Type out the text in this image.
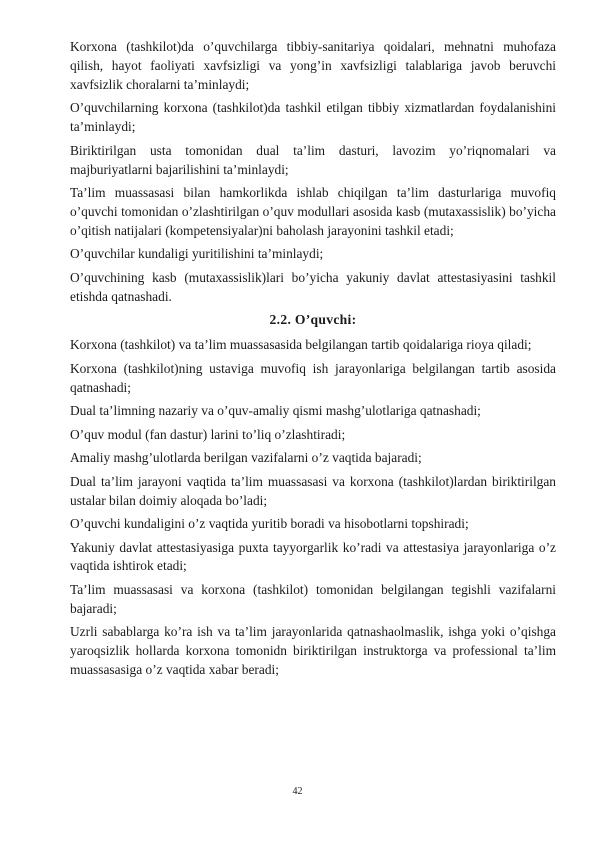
Korxona (tashkilot)da o’quvchilarga tibbiy-sanitariya qoidalari, mehnatni muhofaza qilish, hayot faoliyati xavfsizligi va yong’in xavfsizligi talablariga javob beruvchi xavfsizlik choralarni ta’minlaydi;

O’quvchilarning korxona (tashkilot)da tashkil etilgan tibbiy xizmatlardan foydalanishini ta’minlaydi;

Biriktirilgan usta tomonidan dual ta’lim dasturi, lavozim yo’riqnomalari va majburiyatlarni bajarilishini ta’minlaydi;

Ta’lim muassasasi bilan hamkorlikda ishlab chiqilgan ta’lim dasturlariga muvofiq o’quvchi tomonidan o’zlashtirilgan o’quv modullari asosida kasb (mutaxassislik) bo’yicha o’qitish natijalari (kompetensiyalar)ni baholash jarayonini tashkil etadi;

O’quvchilar kundaligi yuritilishini ta’minlaydi;

O’quvchining kasb (mutaxassislik)lari bo’yicha yakuniy davlat attestasiyasini tashkil etishda qatnashadi.

2.2. O’quvchi:

Korxona (tashkilot) va ta’lim muassasasida belgilangan tartib qoidalariga rioya qiladi;

Korxona (tashkilot)ning ustaviga muvofiq ish jarayonlariga belgilangan tartib asosida qatnashadi;

Dual ta’limning nazariy va o’quv-amaliy qismi mashg’ulotlariga qatnashadi;

O’quv modul (fan dastur) larini to’liq o’zlashtiradi;

Amaliy mashg’ulotlarda berilgan vazifalarni o’z vaqtida bajaradi;

Dual ta’lim jarayoni vaqtida ta’lim muassasasi va korxona (tashkilot)lardan biriktirilgan ustalar bilan doimiy aloqada bo’ladi;

O’quvchi kundaligini o’z vaqtida yuritib boradi va hisobotlarni topshiradi;

Yakuniy davlat attestasiyasiga puxta tayyorgarlik ko’radi va attestasiya jarayonlariga o’z vaqtida ishtirok etadi;

Ta’lim muassasasi va korxona (tashkilot) tomonidan belgilangan tegishli vazifalarni bajaradi;

Uzrli sabablarga ko’ra ish va ta’lim jarayonlarida qatnashaolmaslik, ishga yoki o’qishga yaroqsizlik hollarda korxona tomonidn biriktirilgan instruktorga va professional ta’lim muassasasiga o’z vaqtida xabar beradi;

42
